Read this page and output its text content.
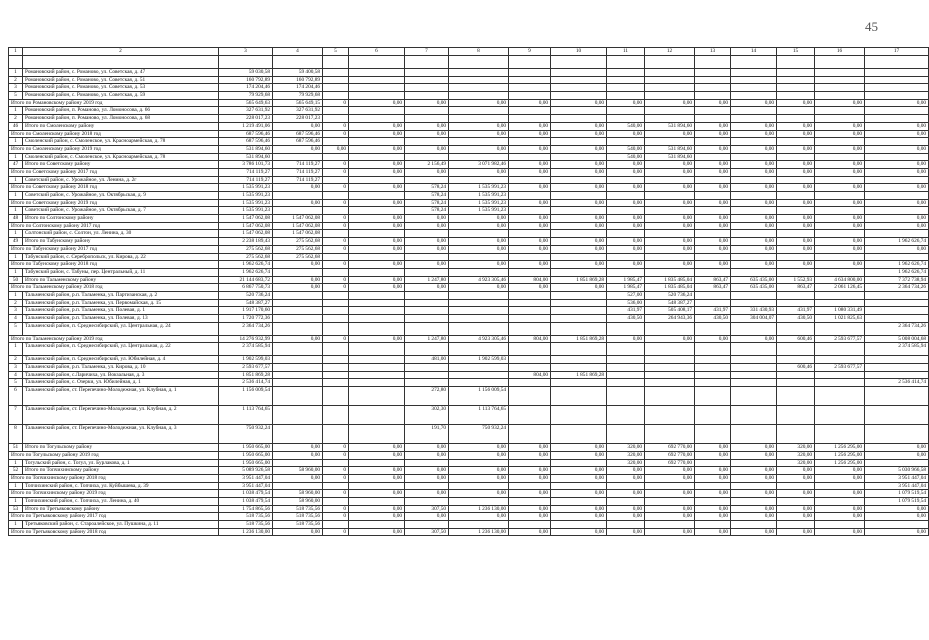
45
1	2	3	4	5	6	7	8	9	10	11	12	13	14	15	16	17

1	Романовский район, с. Романово, ул. Советская, д. 47	59 030,58	59 400,58													
2	Романовский район, с. Романово, ул. Советская, д. 51	160 792,89	160 792,89													
3	Романовский район, с. Романово, ул. Советская, д. 53	174 204,46	174 204,46													
5	Романовский район, с. Романово, ул. Советская, д. 59	79 929,68	79 929,68													
Итого по Романовскому району 2019 год		565 649,63	565 649,15	0	0,00	0,00	0,00	0,00	0,00	0,00	0,00	0,00	0,00	0,00	0,00	0,00
1	Романовский район, п. Романово, ул. Ломоносова, д. 66	327 631,92	327 631,92													
2	Романовский район, п. Романово, ул. Ломоносова, д. 68	228 017,23	228 017,23													
46	Итого по Смоленскому району	1 219 491,06	0,00	0	0,00	0,00	0,00	0,00	0,00	540,00	531 894,60	0,00	0,00	0,00	0,00	0,00
Итого по Смоленскому району 2018 год		687 596,46	687 596,46	0	0,00	0,00	0,00	0,00	0,00	0,00	0,00	0,00	0,00	0,00	0,00	0,00
1	Смоленский район, с. Смоленское, ул. Красноармейская, д. 78	687 596,46	687 596,46													
Итого по Смоленскому району 2019 год		531 894,60	0,00	0,00	0,00	0,00	0,00	0,00	0,00	540,00	531 894,60	0,00	0,00	0,00	0,00	0,00
1	Смоленский район, с. Смоленское, ул. Красноармейская, д. 78	531 894,60								540,00	531 894,60					
47	Итого по Советскому району	3 786 101,73	714 119,27	0	0,00	2 156,49	3 071 982,46	0,00	0,00	0,00	0,00	0,00	0,00	0,00	0,00	0,00
Итого по Советскому району 2017 год		714 119,27	714 119,27	0	0,00	0,00	0,00	0,00	0,00	0,00	0,00	0,00	0,00	0,00	0,00	0,00
1	Советский район, с. Урожайное, ул. Ленина, д. 2г	714 119,27	714 119,27													
Итого по Советскому району 2018 год		1 535 991,23	0,00	0	0,00	578,24	1 535 991,23	0,00	0,00	0,00	0,00	0,00	0,00	0,00	0,00	0,00
1	Советский район, с. Урожайное, ул. Октябрьская, д. 9	1 535 991,23				578,24	1 535 991,23									
Итого по Советскому району 2019 год		1 535 991,23	0,00	0	0,00	578,24	1 535 991,23	0,00	0,00	0,00	0,00	0,00	0,00	0,00	0,00	0,00
1	Советский район, с. Урожайное, ул. Октябрьская, д. 7	1 535 991,23				578,24	1 535 991,23									
48	Итого по Солтонскому району	1 547 062,08	1 547 062,08	0	0,00	0,00	0,00	0,00	0,00	0,00	0,00	0,00	0,00	0,00	0,00	0,00
Итого по Солтонскому району 2017 год		1 547 062,08	1 547 062,08	0	0,00	0,00	0,00	0,00	0,00	0,00	0,00	0,00	0,00	0,00	0,00	0,00
1	Солтонский район, с. Солтон, ул. Ленина, д. 30	1 547 062,08	1 547 062,08													
49	Итого по Табунскому району	2 238 189,43	275 562,68	0	0,00	0,00	0,00	0,00	0,00	0,00	0,00	0,00	0,00	0,00	0,00	1 962 626,74
Итого по Табунскому району 2017 год		275 562,68	275 562,68	0	0,00	0,00	0,00	0,00	0,00	0,00	0,00	0,00	0,00	0,00	0,00	0,00
1	Табунский район, с. Серебропольск, ул. Кирова, д. 22	275 562,68	275 562,68													
Итого по Табунскому району 2018 год		1 962 626,74	0,00	0	0,00	0,00	0,00	0,00	0,00	0,00	0,00	0,00	0,00	0,00	0,00	1 962 626,74
1	Табунский район, с. Табуны, пер. Центральный, д. 11	1 962 626,74														1 962 626,74
50	Итого по Тальменскому району	21 144 683,72	0,00	0	0,00	1 247,80	4 923 305,46	804,00	1 851 869,28	1 985,47	1 835 485,04	863,47	635 435,00	1 552,93	4 634 800,00	7 372 738,94
Итого по Тальменскому району 2018 год		6 867 750,73	0,00	0	0,00	0,00	0,00	0,00	0,00	1 985,47	1 835 485,04	863,47	635 435,00	863,47	2 061 126,45	2 364 734,26
1	Тальменский район, р.п. Тальменка, ул. Партизанская, д. 2	520 736,24								527,00	520 736,24					
2	Тальменский район, р.п. Тальменка, ул. Первомайская, д. 15	548 387,27								536,00	548 387,27					
3	Тальменский район, р.п. Тальменка, ул. Полевая, д. 1	1 917 170,60								431,97	505 408,17	431,97	331 430,93	431,97	1 080 331,49	
4	Тальменский район, р.п. Тальменка, ул. Полевая, д. 13	1 720 772,36								430,50	264 943,36	430,50	304 004,07	430,50	1 021 825,63	
5	Тальменский район, п. Среднесибирский, ул. Центральная, д. 24	2 364 734,26														2 364 734,26
Итого по Тальменскому району 2019 год		14 276 932,99	0,00	0	0,00	1 247,80	4 923 305,46	804,00	1 851 869,28	0,00	0,00	0,00	0,00	600,46	2 593 677,57	5 008 004,68
1	Тальменский район, п. Среднесибирский, ул. Центральная, д. 22	2 374 585,94														2 374 585,94
2	Тальменский район, п. Среднесибирский, ул. Юбилейная, д. 4	1 902 599,03				481,00	1 902 599,03									
3	Тальменский район, р.п. Тальменка, ул. Кирова, д. 10	2 593 677,57												600,46	2 593 677,57	
4	Тальменский район, с.Ларичиха, ул. Вокзальная, д. 3	1 851 869,28						804,00	1 851 869,28							
5	Тальменский район, с. Озерки, ул. Юбилейная, д. 1	2 536 414,74														2 536 414,74
6	Тальменский район, ст. Перепечино-Молодежная, ул. Клубная, д. 1	1 156 009,54				272,80	1 156 009,54									
7	Тальменский район, ст. Перепечино-Молодежная, ул. Клубная, д. 2	1 113 764,65				302,30	1 113 764,65									
8	Тальменский район, ст. Перепечино-Молодежная, ул. Клубная, д. 3	750 932,24				191,70	750 932,24									
51	Итого по Тогульскому району	1 950 665,00	0,00	0	0,00	0,00	0,00	0,00	0,00	320,00	692 770,00	0,00	0,00	320,00	1 256 295,00	0,00
Итого по Тогульскому району 2019 год		1 950 665,00	0,00	0	0,00	0,00	0,00	0,00	0,00	320,00	692 770,00	0,00	0,00	320,00	1 256 295,00	0,00
1	Тогульский район, с. Тогул, ул. Бурлакова, д. 1	1 950 665,00								320,00	692 770,00			320,00	1 256 295,00	
52	Итого по Топчихинскому району	5 089 926,58	58 960,00	0	0,00	0,00	0,00	0,00	0,00	0,00	0,00	0,00	0,00	0,00	0,00	5 030 966,58
Итого по Топчихинскому району 2018 год		3 951 447,04	0,00	0	0,00	0,00	0,00	0,00	0,00	0,00	0,00	0,00	0,00	0,00	0,00	3 951 447,04
1	Топчихинский район, с. Топчиха, ул. Куйбышева, д. 39	3 951 447,04														3 951 447,04
Итого по Топчихинскому району 2019 год		1 038 479,54	58 960,00	0	0,00	0,00	0,00	0,00	0,00	0,00	0,00	0,00	0,00	0,00	0,00	1 079 519,54
1	Топчихинский район, с. Топчиха, ул. Ленина, д. 40	1 038 479,54	58 960,00													1 079 519,54
53	Итого по Третьяковскому району	1 754 865,56	518 735,56	0	0,00	307,50	1 236 130,00	0,00	0,00	0,00	0,00	0,00	0,00	0,00	0,00	0,00
Итого по Третьяковскому району 2017 год		518 735,56	518 735,56	0	0,00	0,00	0,00	0,00	0,00	0,00	0,00	0,00	0,00	0,00	0,00	0,00
1	Третьяковский район, с. Староалейское, ул. Пушкина, д. 11	518 735,56	518 735,56													
Итого по Третьяковскому району 2018 год		1 236 130,00	0,00	0	0,00	307,50	1 236 130,00	0,00	0,00	0,00	0,00	0,00	0,00	0,00	0,00	0,00
